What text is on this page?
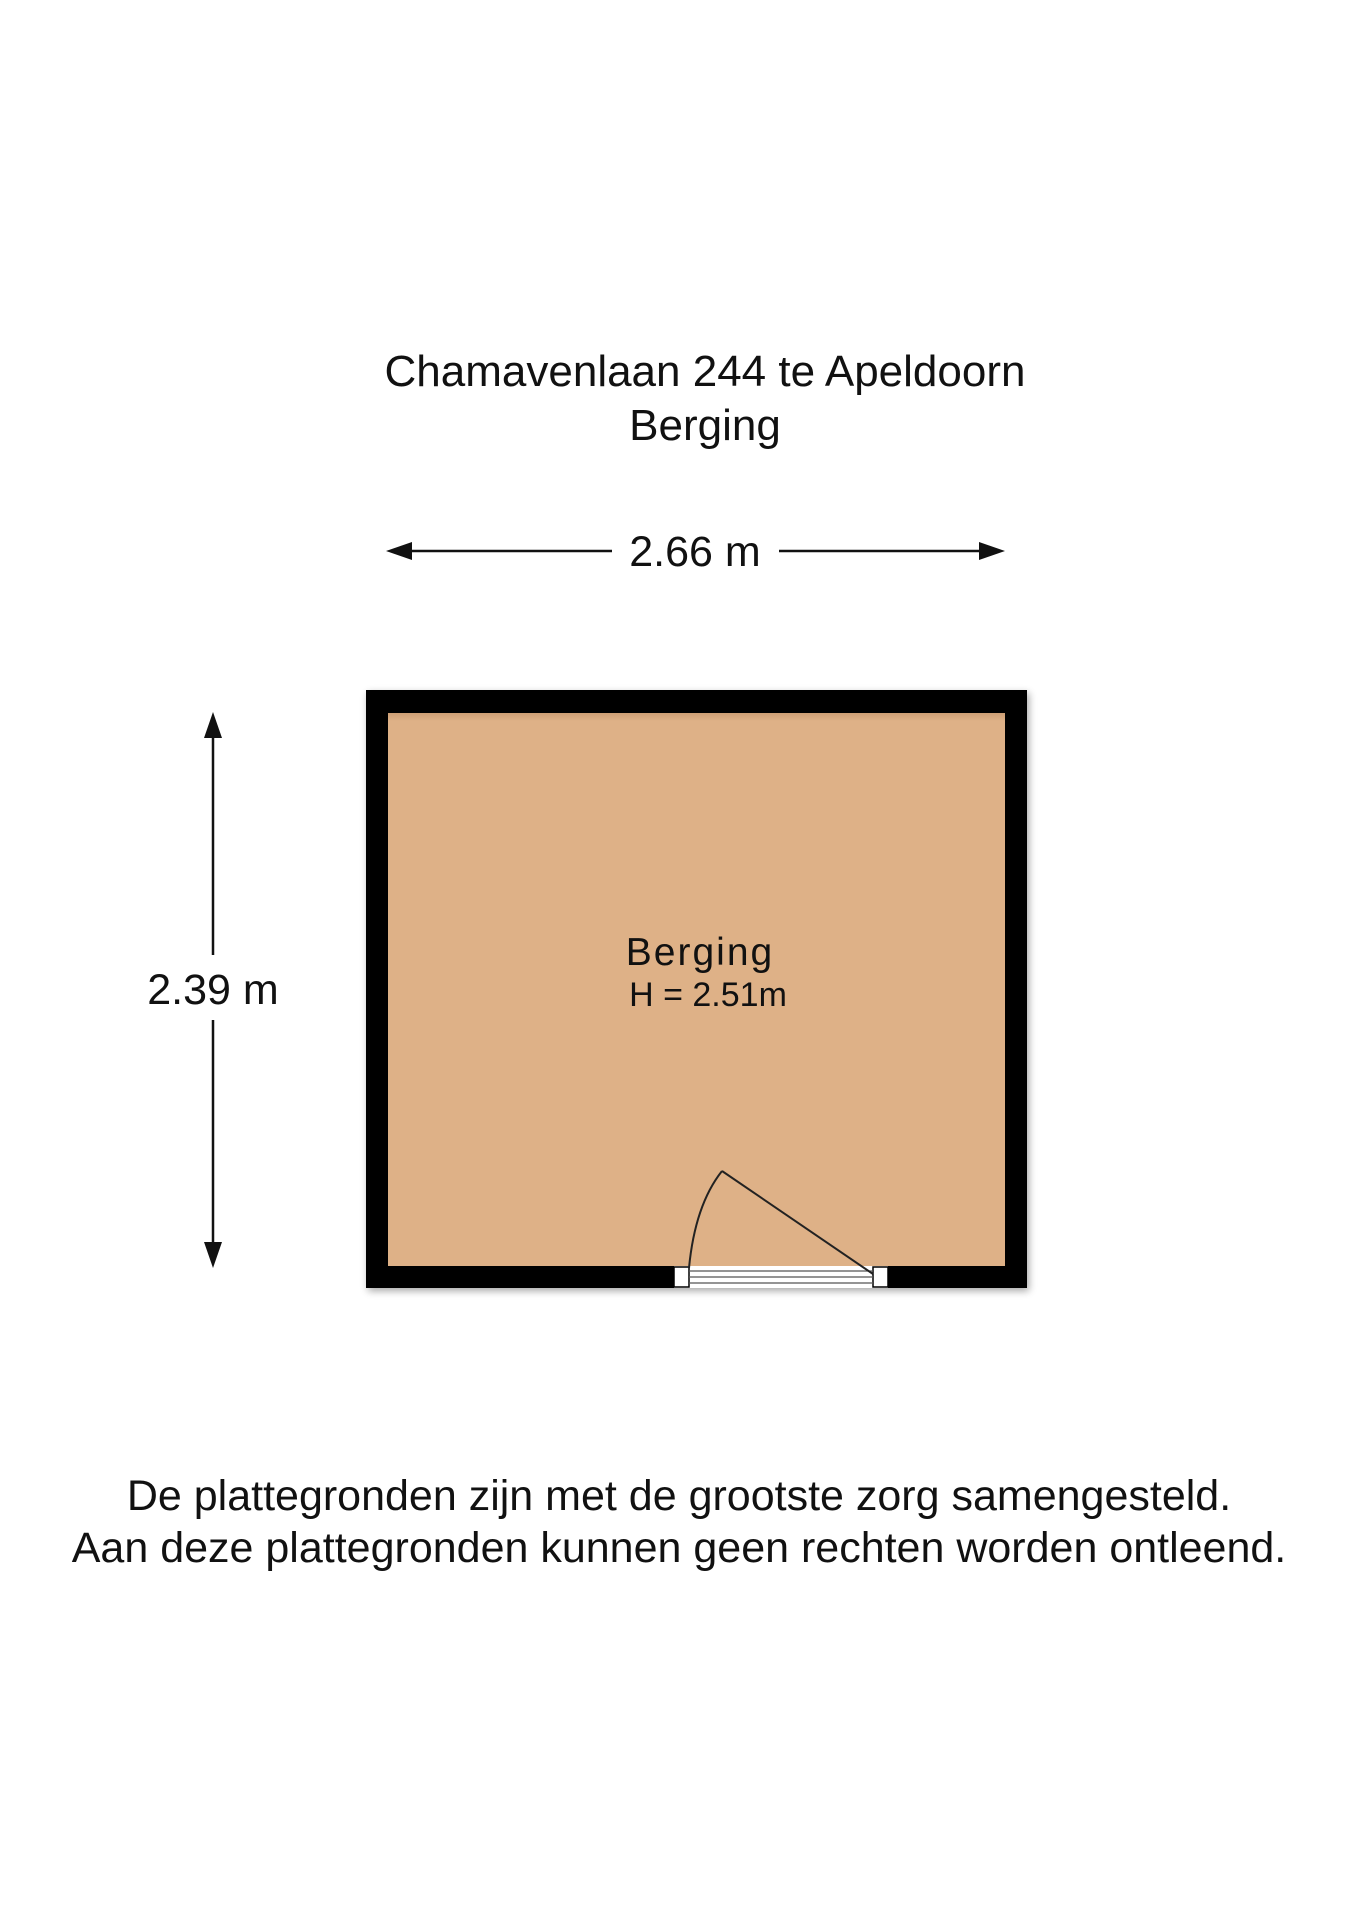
Chamavenlaan 244 te Apeldoorn
Berging
2.66 m
2.39 m
Berging
H = 2.51m
De plattegronden zijn met de grootste zorg samengesteld.
Aan deze plattegronden kunnen geen rechten worden ontleend.
